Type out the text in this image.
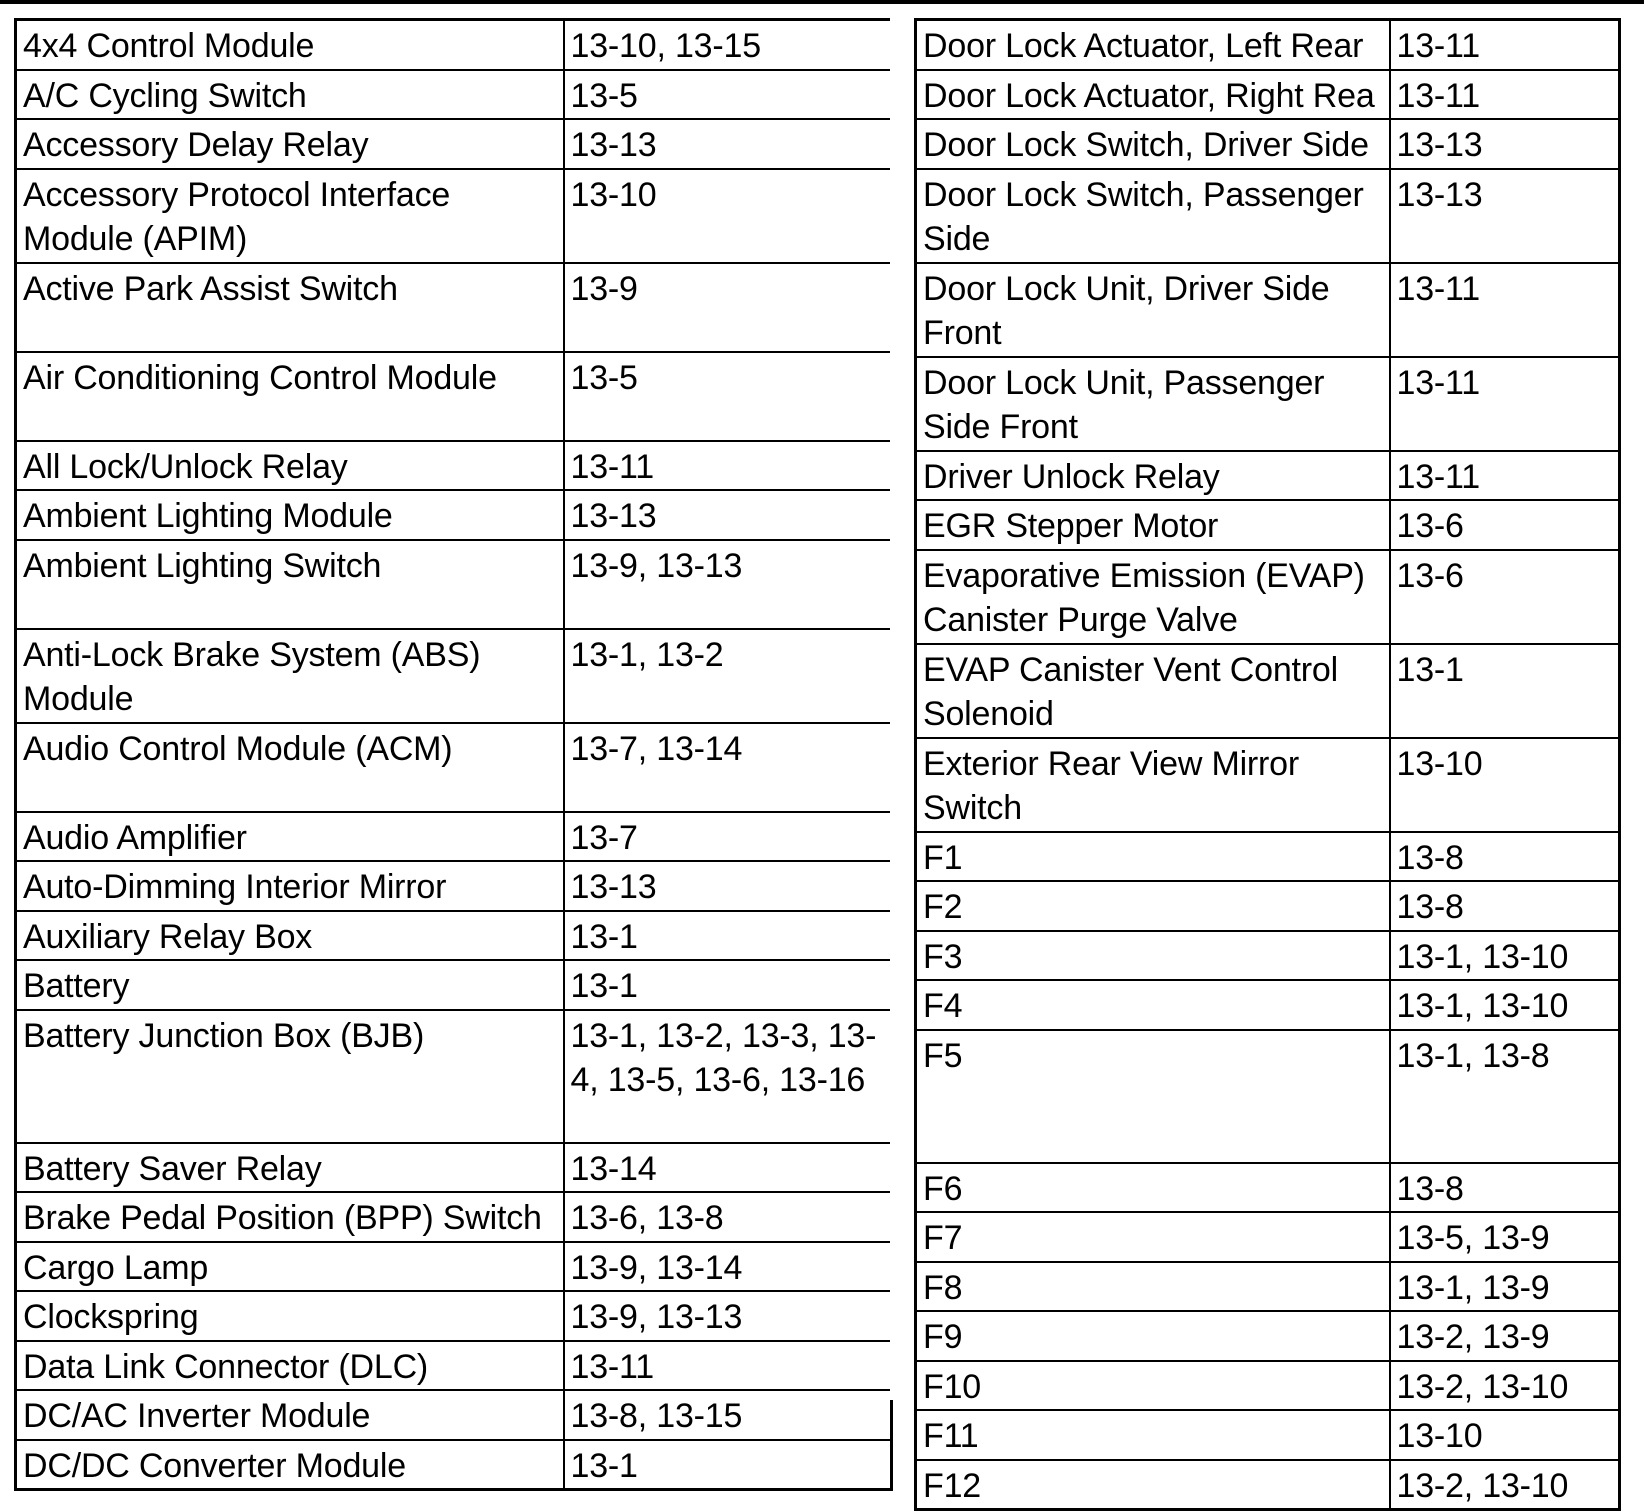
4x4 Control Module	13-10, 13-15
A/C Cycling Switch	13-5
Accessory Delay Relay	13-13
Accessory Protocol Interface Module (APIM)	13-10
Active Park Assist Switch	13-9
Air Conditioning Control Module	13-5
All Lock/Unlock Relay	13-11
Ambient Lighting Module	13-13
Ambient Lighting Switch	13-9, 13-13
Anti-Lock Brake System (ABS) Module	13-1, 13-2
Audio Control Module (ACM)	13-7, 13-14
Audio Amplifier	13-7
Auto-Dimming Interior Mirror	13-13
Auxiliary Relay Box	13-1
Battery	13-1
Battery Junction Box (BJB)	13-1, 13-2, 13-3, 13-4, 13-5, 13-6, 13-16
Battery Saver Relay	13-14
Brake Pedal Position (BPP) Switch	13-6, 13-8
Cargo Lamp	13-9, 13-14
Clockspring	13-9, 13-13
Data Link Connector (DLC)	13-11
DC/AC Inverter Module	13-8, 13-15
DC/DC Converter Module	13-1
Door Lock Actuator, Left Rear	13-11
Door Lock Actuator, Right Rea	13-11
Door Lock Switch, Driver Side	13-13
Door Lock Switch, Passenger Side	13-13
Door Lock Unit, Driver Side Front	13-11
Door Lock Unit, Passenger Side Front	13-11
Driver Unlock Relay	13-11
EGR Stepper Motor	13-6
Evaporative Emission (EVAP) Canister Purge Valve	13-6
EVAP Canister Vent Control Solenoid	13-1
Exterior Rear View Mirror Switch	13-10
F1	13-8
F2	13-8
F3	13-1, 13-10
F4	13-1, 13-10
F5	13-1, 13-8
F6	13-8
F7	13-5, 13-9
F8	13-1, 13-9
F9	13-2, 13-9
F10	13-2, 13-10
F11	13-10
F12	13-2, 13-10
